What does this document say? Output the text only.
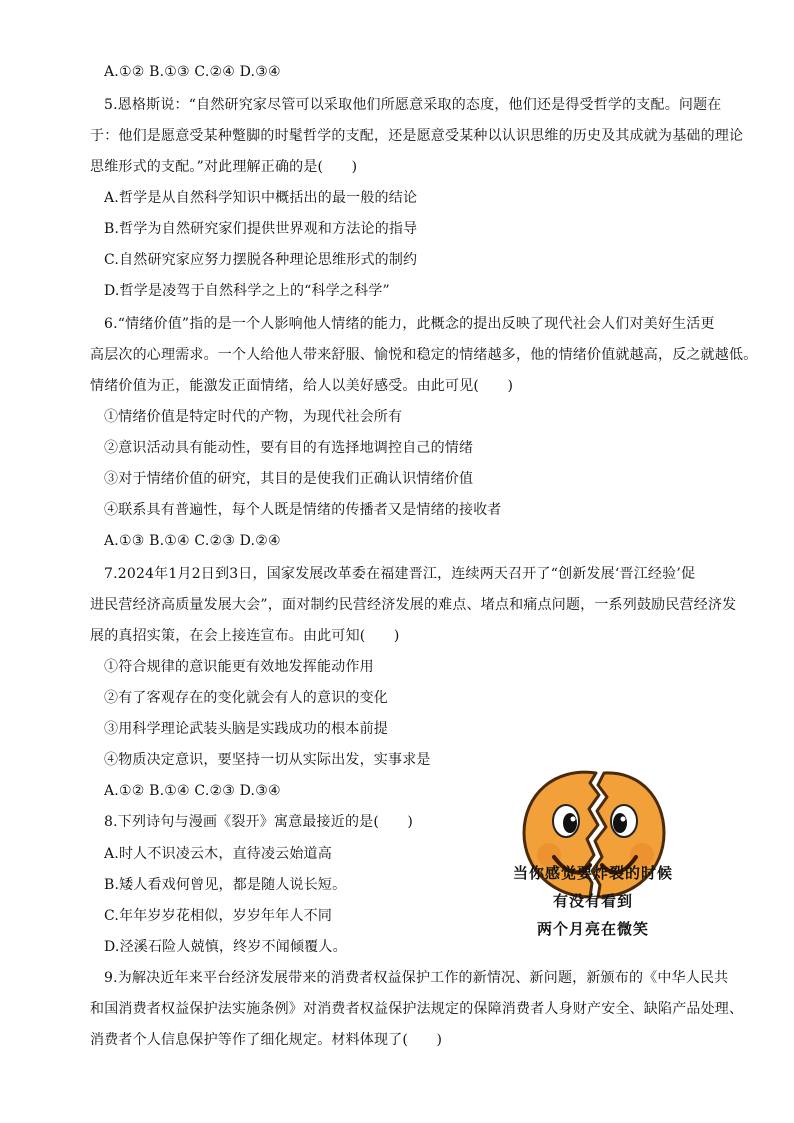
A.①② B.①③ C.②④ D.③④
5.恩格斯说：“自然研究家尽管可以采取他们所愿意采取的态度，他们还是得受哲学的支配。问题在
于：他们是愿意受某种蹩脚的时髦哲学的支配，还是愿意受某种以认识思维的历史及其成就为基础的理论
思维形式的支配。”对此理解正确的是(　　)
A.哲学是从自然科学知识中概括出的最一般的结论
B.哲学为自然研究家们提供世界观和方法论的指导
C.自然研究家应努力摆脱各种理论思维形式的制约
D.哲学是凌驾于自然科学之上的“科学之科学”
6.“情绪价值”指的是一个人影响他人情绪的能力，此概念的提出反映了现代社会人们对美好生活更
高层次的心理需求。一个人给他人带来舒服、愉悦和稳定的情绪越多，他的情绪价值就越高，反之就越低。
情绪价值为正，能激发正面情绪，给人以美好感受。由此可见(　　)
①情绪价值是特定时代的产物，为现代社会所有
②意识活动具有能动性，要有目的有选择地调控自己的情绪
③对于情绪价值的研究，其目的是使我们正确认识情绪价值
④联系具有普遍性，每个人既是情绪的传播者又是情绪的接收者
A.①③ B.①④ C.②③ D.②④
7.2024年1月2日到3日，国家发展改革委在福建晋江，连续两天召开了“创新发展‘晋江经验’促
进民营经济高质量发展大会”，面对制约民营经济发展的难点、堵点和痛点问题，一系列鼓励民营经济发
展的真招实策，在会上接连宣布。由此可知(　　)
①符合规律的意识能更有效地发挥能动作用
②有了客观存在的变化就会有人的意识的变化
③用科学理论武装头脑是实践成功的根本前提
④物质决定意识，要坚持一切从实际出发，实事求是
A.①② B.①④ C.②③ D.③④
8.下列诗句与漫画《裂开》寓意最接近的是(　　)
A.时人不识凌云木，直待凌云始道高
B.矮人看戏何曾见，都是随人说长短。
C.年年岁岁花相似，岁岁年年人不同
D.泾溪石险人兢慎，终岁不闻倾覆人。
当你感觉要炸裂的时候
有没有看到
两个月亮在微笑
9.为解决近年来平台经济发展带来的消费者权益保护工作的新情况、新问题，新颁布的《中华人民共
和国消费者权益保护法实施条例》对消费者权益保护法规定的保障消费者人身财产安全、缺陷产品处理、
消费者个人信息保护等作了细化规定。材料体现了(　　)
